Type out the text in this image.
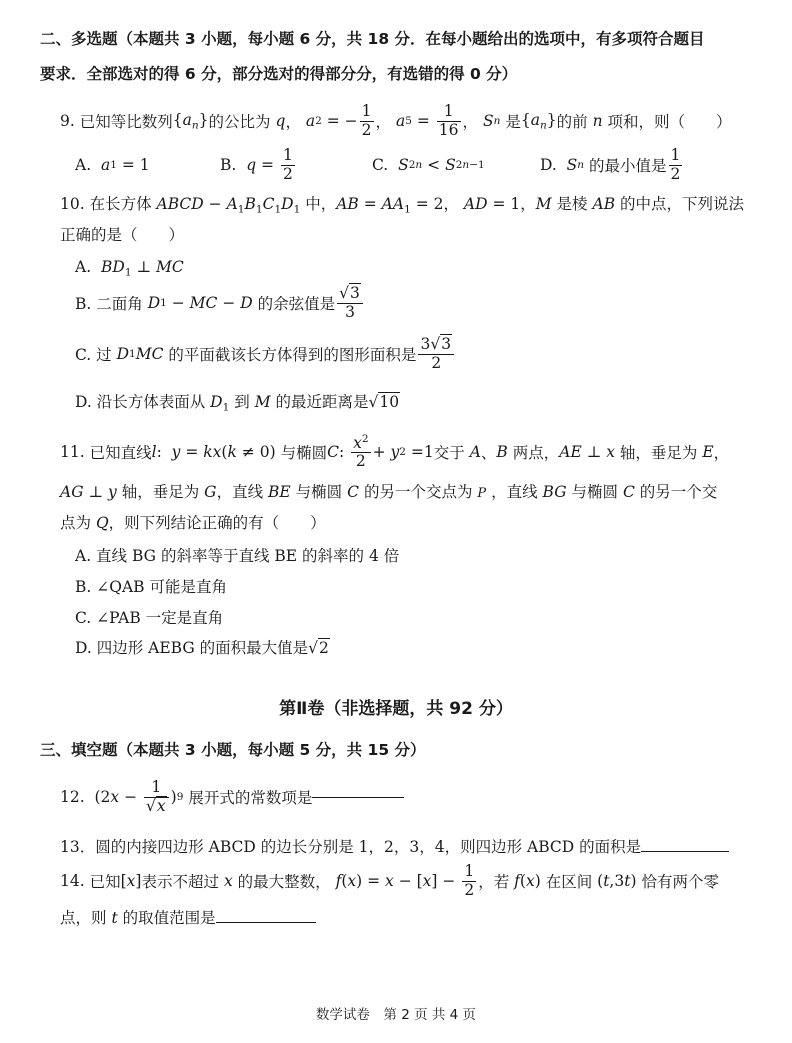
二、多选题（本题共 3 小题，每小题 6 分，共 18 分．在每小题给出的选项中，有多项符合题目
要求．全部选对的得 6 分，部分选对的得部分分，有选错的得 0 分）
9.
已知等比数列 $\{a_n\}$ 的公比为
q ， a 2 = − $\frac{1}{2}$ ， a $5 = \frac{1}{16}$ ， S n
是 $\{a_n\}$ 的前
n
项和，则（　　）
A.
a 1 = 1	B.
$q = \frac{1}{2}$	C.
S 2n < S 2n−1	D.
S n
的最小值是 $\frac{1}{2}$
10. 在长方体 ABCD − $A_1B_1C_1D_1$ 中，AB = $AA_1 = 2$， AD = 1，M 是棱 AB 的中点，下列说法
正确的是（　　）
A. $BD_1$ ⊥ MC
B. 二面角
D 1 − MC − D
的余弦值是 $\frac{√3}{3}$
C. 过
D 1 MC
的平面截该长方体得到的图形面积是 $\frac{3√3}{2}$
D. 沿长方体表面从 $D_1$ 到 M 的最近距离是√10
11.
已知直线 l : y = kx ( k ≠ 0) 与椭圆 C : $\frac{x^2}{2} + y$ 2 =1 交于
A 、 B
两点， AE ⊥ x
轴，垂足为
E ，
AG ⊥ y 轴，垂足为 G，直线 BE 与椭圆 C 的另一个交点为 P ，直线 BG 与椭圆 C 的另一个交
点为 Q，则下列结论正确的有（　　）
A. 直线 BG 的斜率等于直线 BE 的斜率的 4 倍
B. ∠QAB 可能是直角
C. ∠PAB 一定是直角
D. 四边形 AEBG 的面积最大值是√2
第Ⅱ卷（非选择题，共 92 分）
三、填空题（本题共 3 小题，每小题 5 分，共 15 分）
12. (2 $x - \frac{1}{√x}$ ) 9
展开式的常数项是
13．圆的内接四边形 ABCD 的边长分别是 1，2，3，4，则四边形 ABCD 的面积是
14.
已知 [ x ] 表示不超过
x
的最大整数，
f ( x ) = x − [ x ] − $\frac{1}{2}$ ，若
f ( x ) 在区间 ( t ,3 t ) 恰有两个零
点，则 t 的取值范围是
数学试卷　第 2 页 共 4 页
